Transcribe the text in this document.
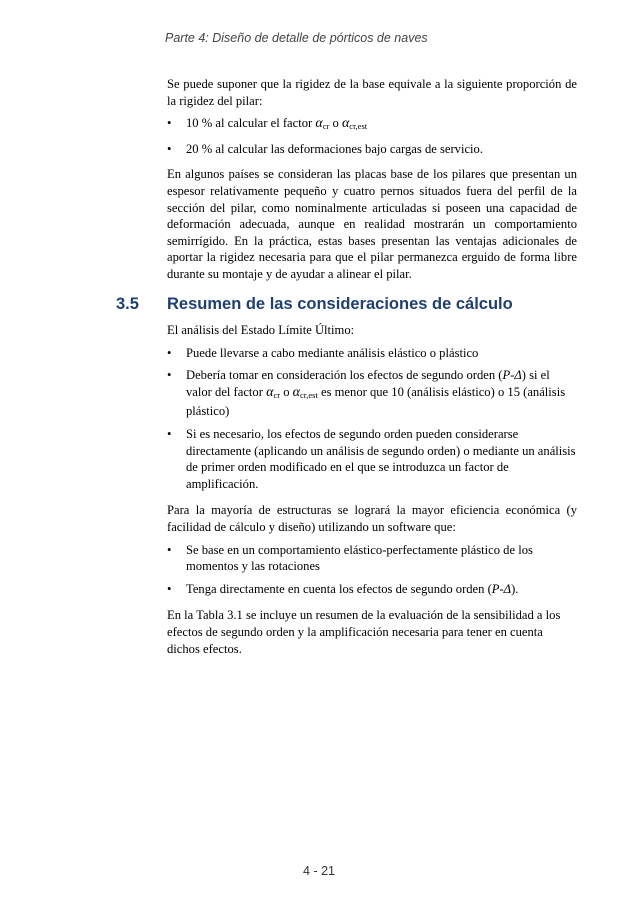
Parte 4: Diseño de detalle de pórticos de naves

Se puede suponer que la rigidez de la base equivale a la siguiente proporción de la rigidez del pilar:

• 10 % al calcular el factor $\alpha_{cr}$ o $\alpha_{cr,est}$
• 20 % al calcular las deformaciones bajo cargas de servicio.

En algunos países se consideran las placas base de los pilares que presentan un espesor relativamente pequeño y cuatro pernos situados fuera del perfil de la sección del pilar, como nominalmente articuladas si poseen una capacidad de deformación adecuada, aunque en realidad mostrarán un comportamiento semirrígido. En la práctica, estas bases presentan las ventajas adicionales de aportar la rigidez necesaria para que el pilar permanezca erguido de forma libre durante su montaje y de ayudar a alinear el pilar.

3.5 Resumen de las consideraciones de cálculo

El análisis del Estado Límite Último:

• Puede llevarse a cabo mediante análisis elástico o plástico
• Debería tomar en consideración los efectos de segundo orden (P-Δ) si el valor del factor $\alpha_{cr}$ o $\alpha_{cr,est}$ es menor que 10 (análisis elástico) o 15 (análisis plástico)
• Si es necesario, los efectos de segundo orden pueden considerarse directamente (aplicando un análisis de segundo orden) o mediante un análisis de primer orden modificado en el que se introduzca un factor de amplificación.

Para la mayoría de estructuras se logrará la mayor eficiencia económica (y facilidad de cálculo y diseño) utilizando un software que:

• Se base en un comportamiento elástico-perfectamente plástico de los momentos y las rotaciones
• Tenga directamente en cuenta los efectos de segundo orden (P-Δ).

En la Tabla 3.1 se incluye un resumen de la evaluación de la sensibilidad a los efectos de segundo orden y la amplificación necesaria para tener en cuenta dichos efectos.

4 - 21
